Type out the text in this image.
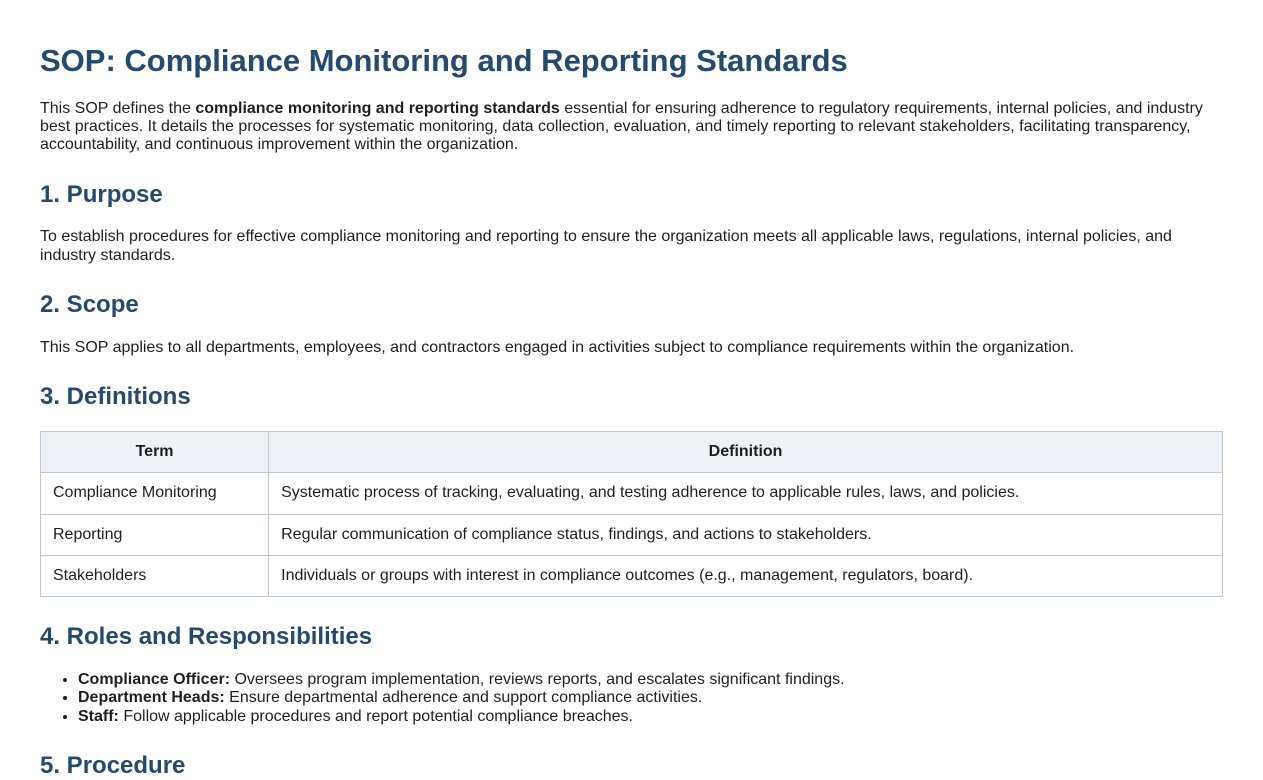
SOP: Compliance Monitoring and Reporting Standards

This SOP defines the compliance monitoring and reporting standards essential for ensuring adherence to regulatory requirements, internal policies, and industry best practices. It details the processes for systematic monitoring, data collection, evaluation, and timely reporting to relevant stakeholders, facilitating transparency, accountability, and continuous improvement within the organization.

1. Purpose

To establish procedures for effective compliance monitoring and reporting to ensure the organization meets all applicable laws, regulations, internal policies, and industry standards.

2. Scope

This SOP applies to all departments, employees, and contractors engaged in activities subject to compliance requirements within the organization.

3. Definitions
Term	Definition
Compliance Monitoring	Systematic process of tracking, evaluating, and testing adherence to applicable rules, laws, and policies.
Reporting	Regular communication of compliance status, findings, and actions to stakeholders.
Stakeholders	Individuals or groups with interest in compliance outcomes (e.g., management, regulators, board).
4. Roles and Responsibilities
• Compliance Officer: Oversees program implementation, reviews reports, and escalates significant findings.
• Department Heads: Ensure departmental adherence and support compliance activities.
• Staff: Follow applicable procedures and report potential compliance breaches.
5. Procedure
